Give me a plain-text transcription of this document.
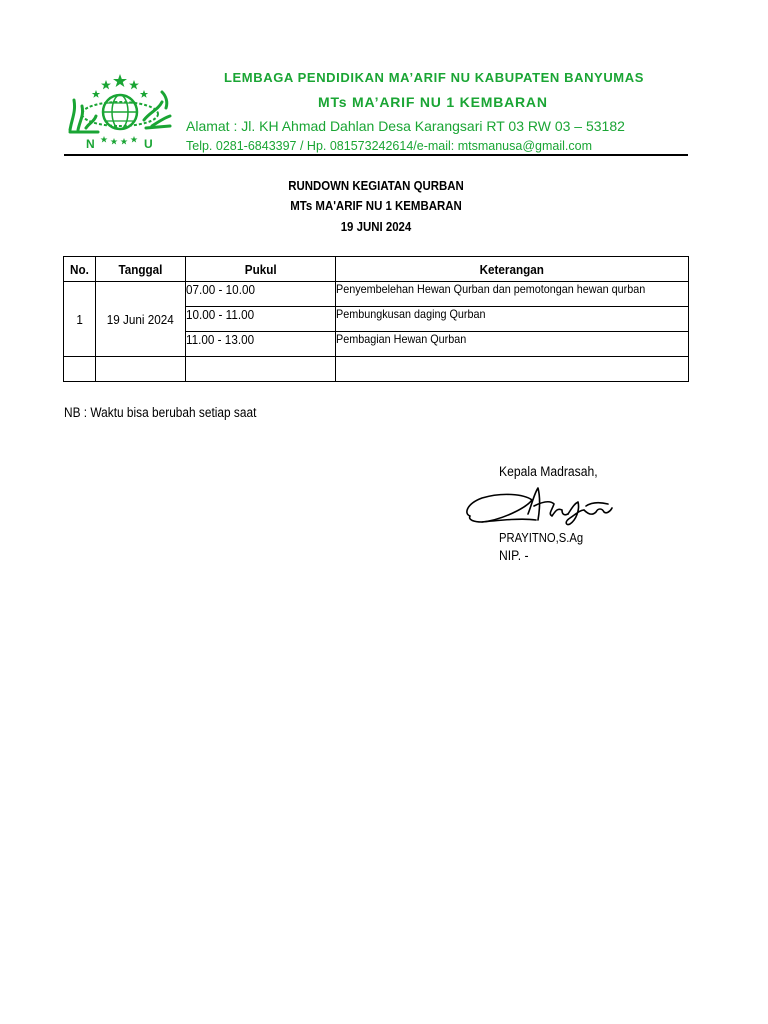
N	U
LEMBAGA PENDIDIKAN MA’ARIF NU KABUPATEN BANYUMAS
MTs MA’ARIF NU 1 KEMBARAN
Alamat : Jl. KH Ahmad Dahlan Desa Karangsari RT 03 RW 03 – 53182
Telp. 0281-6843397 / Hp. 081573242614/e-mail: mtsmanusa@gmail.com
RUNDOWN KEGIATAN QURBAN
MTs MA'ARIF NU 1 KEMBARAN
19 JUNI 2024
No.	Tanggal	Pukul	Keterangan
1	19 Juni 2024	07.00 - 10.00	Penyembelehan Hewan Qurban dan pemotongan hewan qurban
		10.00 - 11.00	Pembungkusan daging Qurban
		11.00 - 13.00	Pembagian Hewan Qurban

NB : Waktu bisa berubah setiap saat
Kepala Madrasah,
PRAYITNO,S.Ag
NIP. -
